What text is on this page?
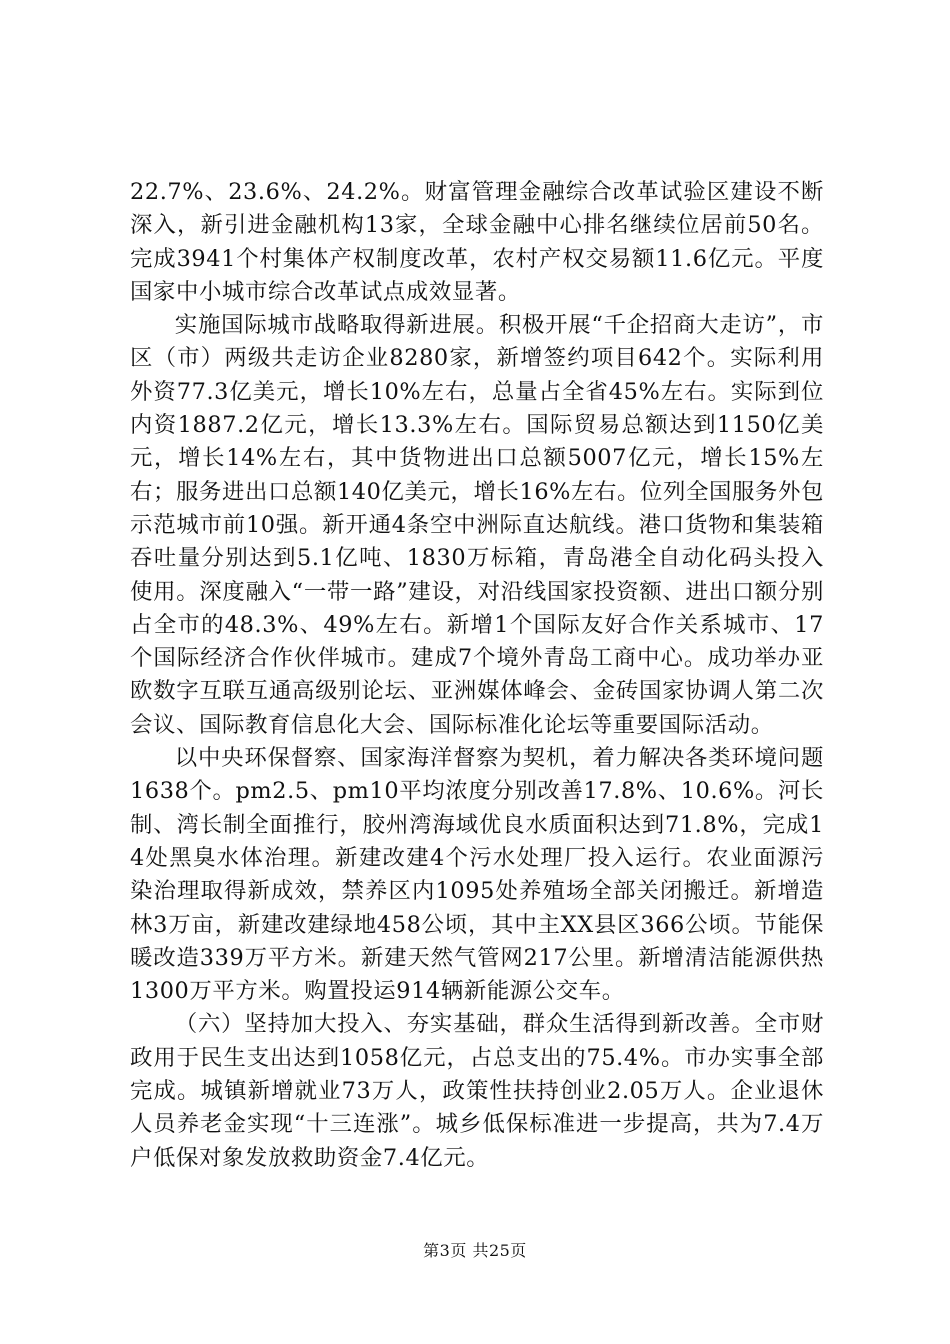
22.7%、23.6%、24.2%。财富管理金融综合改革试验区建设不断深入，新引进金融机构13家，全球金融中心排名继续位居前50名。完成3941个村集体产权制度改革，农村产权交易额11.6亿元。平度国家中小城市综合改革试点成效显著。

实施国际城市战略取得新进展。积极开展“千企招商大走访”，市区（市）两级共走访企业8280家，新增签约项目642个。实际利用外资77.3亿美元，增长10%左右，总量占全省45%左右。实际到位内资1887.2亿元，增长13.3%左右。国际贸易总额达到1150亿美元，增长14%左右，其中货物进出口总额5007亿元，增长15%左右；服务进出口总额140亿美元，增长16%左右。位列全国服务外包示范城市前10强。新开通4条空中洲际直达航线。港口货物和集装箱吞吐量分别达到5.1亿吨、1830万标箱，青岛港全自动化码头投入使用。深度融入“一带一路”建设，对沿线国家投资额、进出口额分别占全市的48.3%、49%左右。新增1个国际友好合作关系城市、17个国际经济合作伙伴城市。建成7个境外青岛工商中心。成功举办亚欧数字互联互通高级别论坛、亚洲媒体峰会、金砖国家协调人第二次会议、国际教育信息化大会、国际标准化论坛等重要国际活动。

以中央环保督察、国家海洋督察为契机，着力解决各类环境问题1638个。pm2.5、pm10平均浓度分别改善17.8%、10.6%。河长制、湾长制全面推行，胶州湾海域优良水质面积达到71.8%，完成14处黑臭水体治理。新建改建4个污水处理厂投入运行。农业面源污染治理取得新成效，禁养区内1095处养殖场全部关闭搬迁。新增造林3万亩，新建改建绿地458公顷，其中主XX县区366公顷。节能保暖改造339万平方米。新建天然气管网217公里。新增清洁能源供热1300万平方米。购置投运914辆新能源公交车。

（六）坚持加大投入、夯实基础，群众生活得到新改善。全市财政用于民生支出达到1058亿元，占总支出的75.4%。市办实事全部完成。城镇新增就业73万人，政策性扶持创业2.05万人。企业退休人员养老金实现“十三连涨”。城乡低保标准进一步提高，共为7.4万户低保对象发放救助资金7.4亿元。

第3页 共25页
